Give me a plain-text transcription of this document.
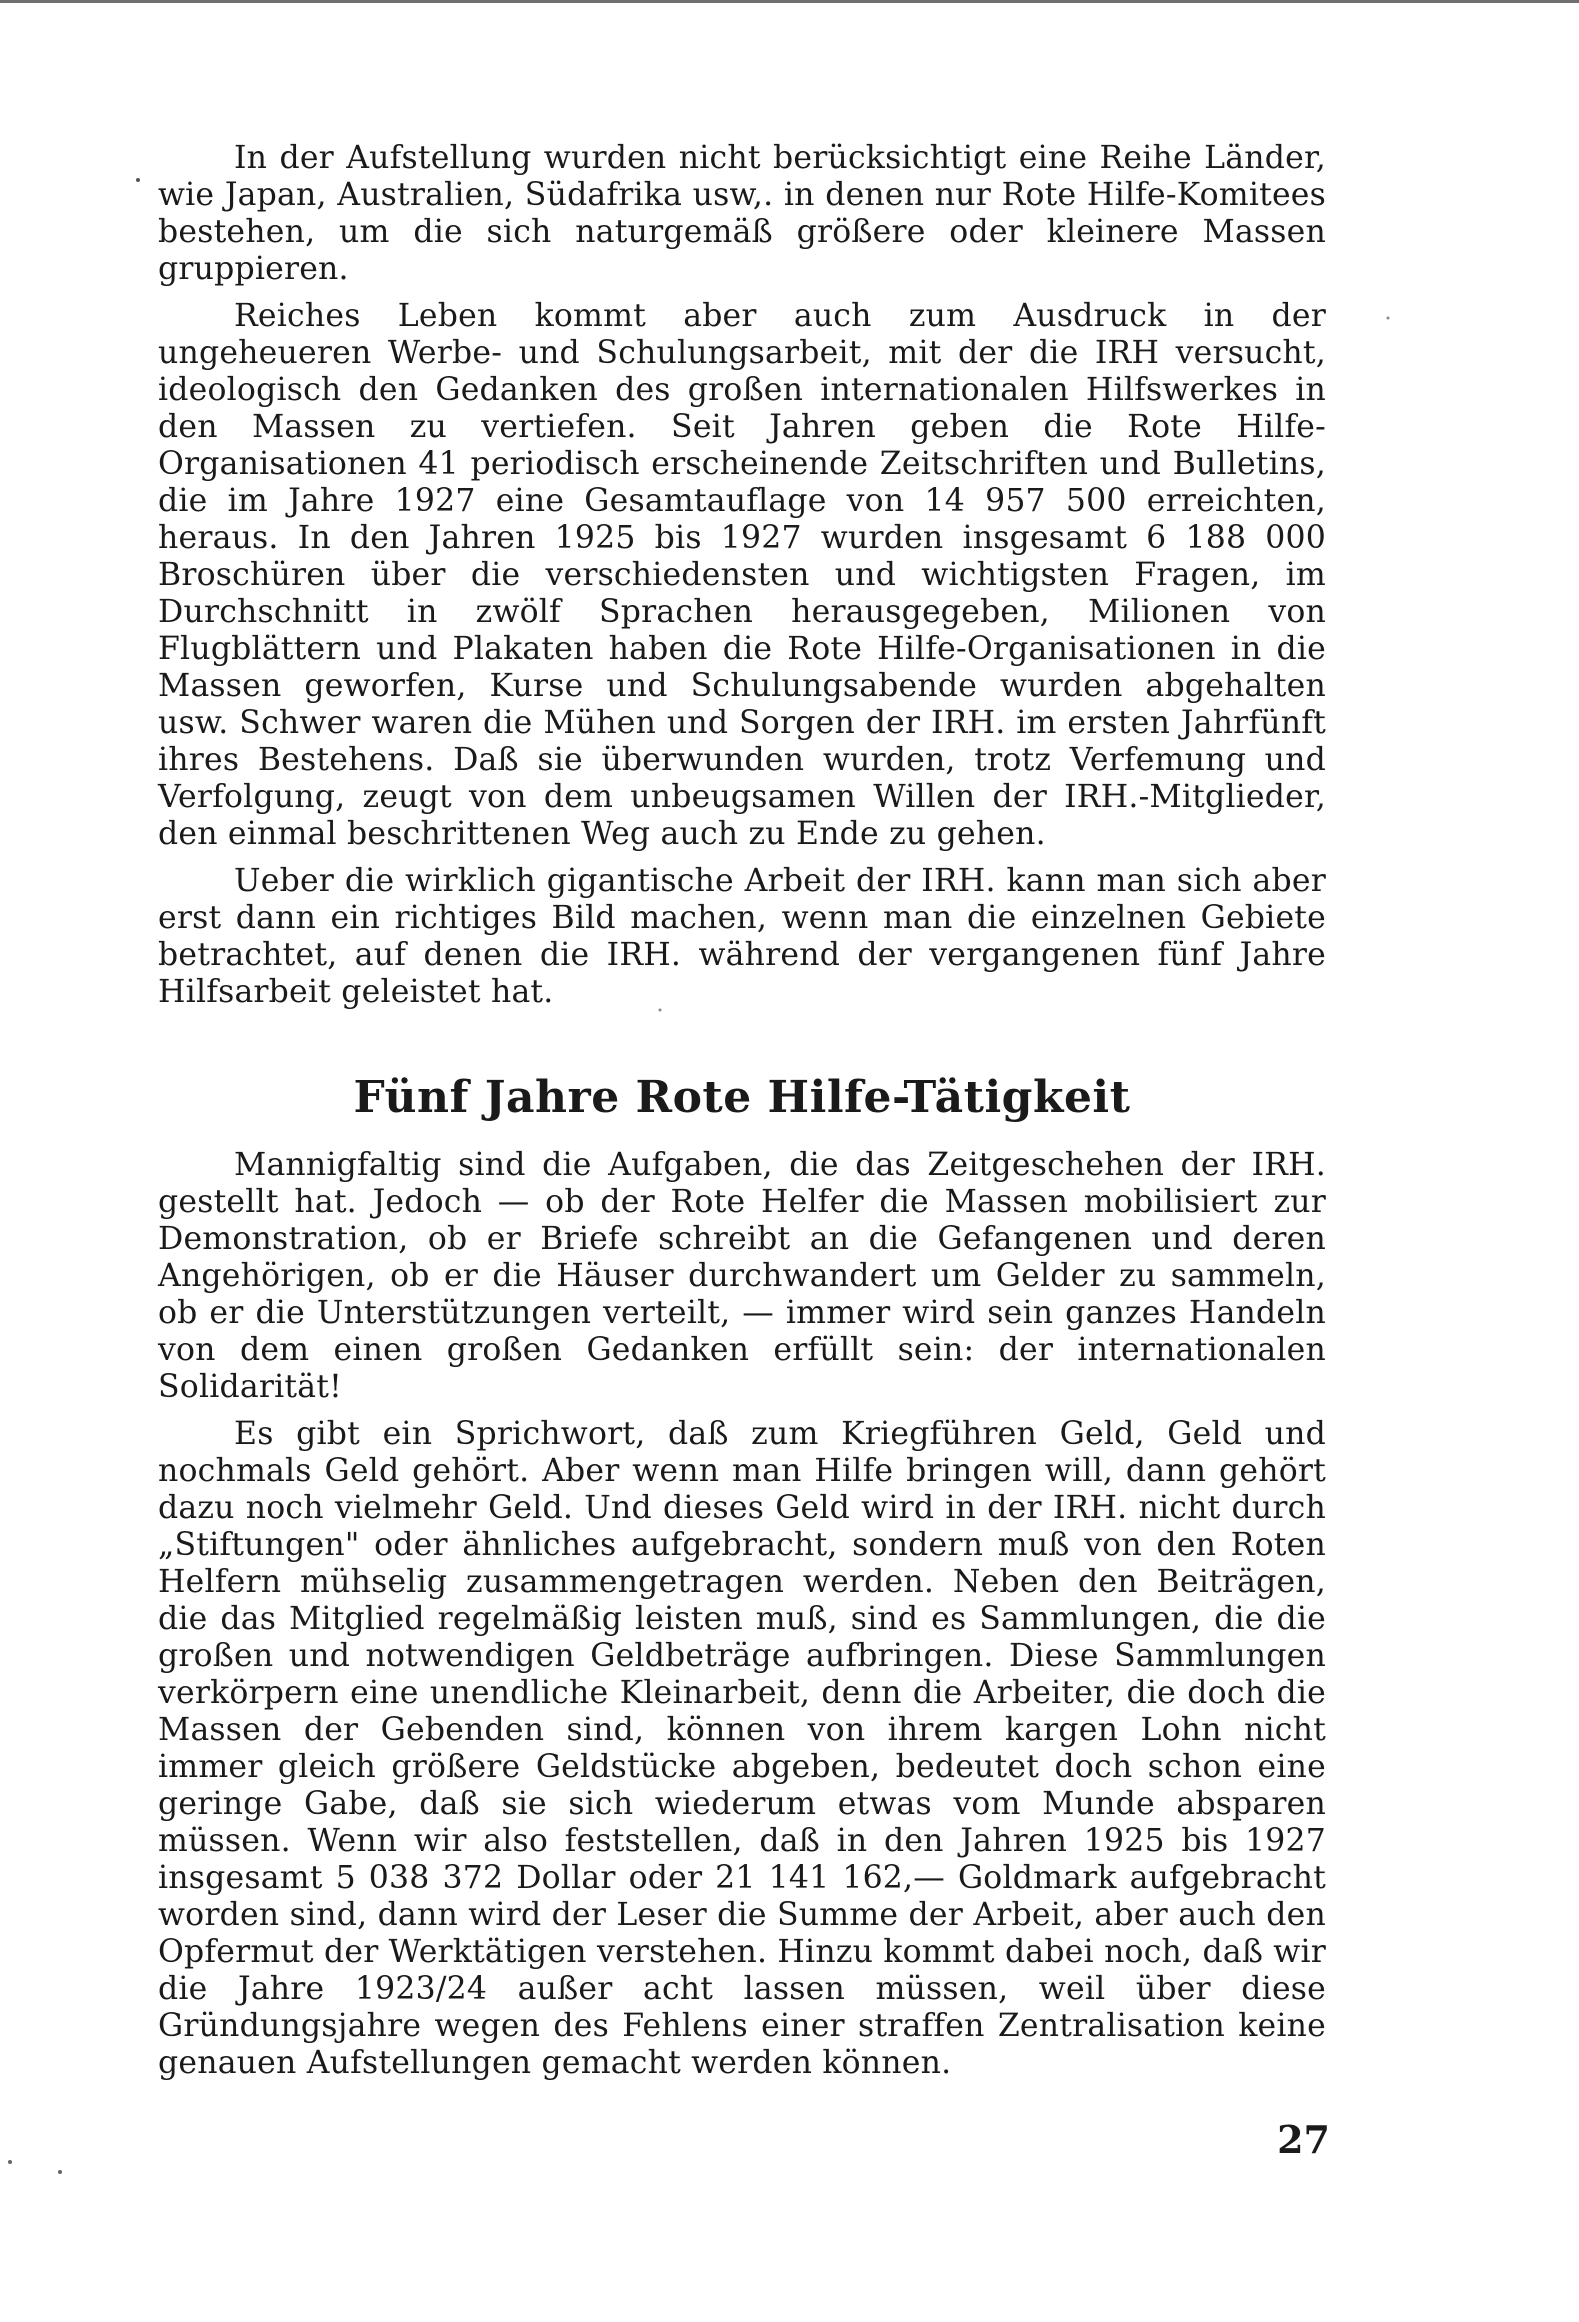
In der Aufstellung wurden nicht berücksichtigt eine Reihe Länder, wie Japan, Australien, Südafrika usw,. in denen nur Rote Hilfe-Komitees bestehen, um die sich naturgemäß größere oder kleinere Massen gruppieren.

Reiches Leben kommt aber auch zum Ausdruck in der ungeheueren Werbe- und Schulungsarbeit, mit der die IRH versucht, ideologisch den Gedanken des großen internationalen Hilfswerkes in den Massen zu vertiefen. Seit Jahren geben die Rote Hilfe-Organisationen 41 periodisch erscheinende Zeitschriften und Bulletins, die im Jahre 1927 eine Gesamtauflage von 14 957 500 erreichten, heraus. In den Jahren 1925 bis 1927 wurden insgesamt 6 188 000 Broschüren über die verschiedensten und wichtigsten Fragen, im Durchschnitt in zwölf Sprachen herausgegeben, Milionen von Flugblättern und Plakaten haben die Rote Hilfe-Organisationen in die Massen geworfen, Kurse und Schulungsabende wurden abgehalten usw. Schwer waren die Mühen und Sorgen der IRH. im ersten Jahrfünft ihres Bestehens. Daß sie überwunden wurden, trotz Verfemung und Verfolgung, zeugt von dem unbeugsamen Willen der IRH.-Mitglieder, den einmal beschrittenen Weg auch zu Ende zu gehen.

Ueber die wirklich gigantische Arbeit der IRH. kann man sich aber erst dann ein richtiges Bild machen, wenn man die einzelnen Gebiete betrachtet, auf denen die IRH. während der vergangenen fünf Jahre Hilfsarbeit geleistet hat.

Fünf Jahre Rote Hilfe-Tätigkeit

Mannigfaltig sind die Aufgaben, die das Zeitgeschehen der IRH. gestellt hat. Jedoch — ob der Rote Helfer die Massen mobilisiert zur Demonstration, ob er Briefe schreibt an die Gefangenen und deren Angehörigen, ob er die Häuser durchwandert um Gelder zu sammeln, ob er die Unterstützungen verteilt, — immer wird sein ganzes Handeln von dem einen großen Gedanken erfüllt sein: der internationalen Solidarität!

Es gibt ein Sprichwort, daß zum Kriegführen Geld, Geld und nochmals Geld gehört. Aber wenn man Hilfe bringen will, dann gehört dazu noch vielmehr Geld. Und dieses Geld wird in der IRH. nicht durch „Stiftungen" oder ähnliches aufgebracht, sondern muß von den Roten Helfern mühselig zusammengetragen werden. Neben den Beiträgen, die das Mitglied regelmäßig leisten muß, sind es Sammlungen, die die großen und notwendigen Geldbeträge aufbringen. Diese Sammlungen verkörpern eine unendliche Kleinarbeit, denn die Arbeiter, die doch die Massen der Gebenden sind, können von ihrem kargen Lohn nicht immer gleich größere Geldstücke abgeben, bedeutet doch schon eine geringe Gabe, daß sie sich wiederum etwas vom Munde absparen müssen. Wenn wir also feststellen, daß in den Jahren 1925 bis 1927 insgesamt 5 038 372 Dollar oder 21 141 162,— Goldmark aufgebracht worden sind, dann wird der Leser die Summe der Arbeit, aber auch den Opfermut der Werktätigen verstehen. Hinzu kommt dabei noch, daß wir die Jahre 1923/24 außer acht lassen müssen, weil über diese Gründungsjahre wegen des Fehlens einer straffen Zentralisation keine genauen Aufstellungen gemacht werden können.

27
